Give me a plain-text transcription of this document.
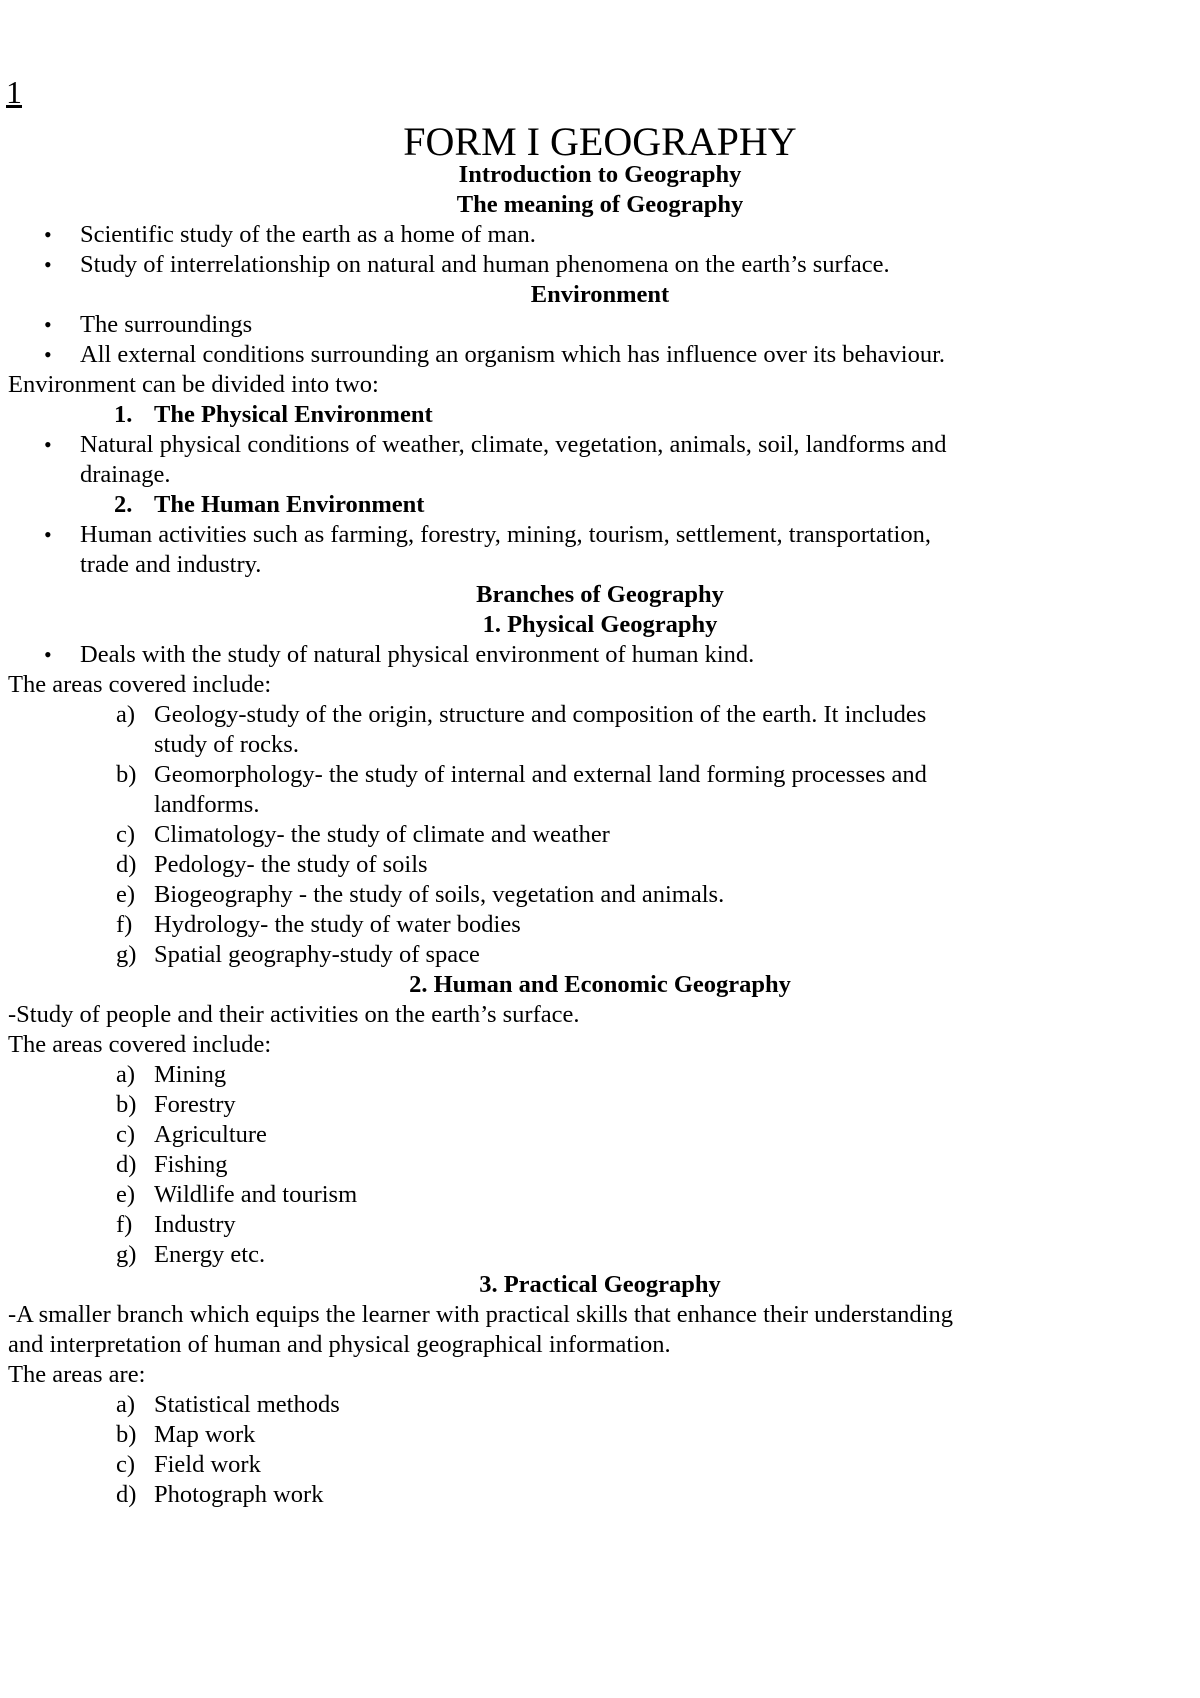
1
FORM I GEOGRAPHY
Introduction to Geography
The meaning of Geography
• Scientific study of the earth as a home of man.
• Study of interrelationship on natural and human phenomena on the earth’s surface.
Environment
• The surroundings
• All external conditions surrounding an organism which has influence over its behaviour.
Environment can be divided into two:
1. The Physical Environment
• Natural physical conditions of weather, climate, vegetation, animals, soil, landforms and
drainage.
2. The Human Environment
• Human activities such as farming, forestry, mining, tourism, settlement, transportation,
trade and industry.
Branches of Geography
1. Physical Geography
• Deals with the study of natural physical environment of human kind.
The areas covered include:
a) Geology-study of the origin, structure and composition of the earth. It includes
study of rocks.
b) Geomorphology- the study of internal and external land forming processes and
landforms.
c) Climatology- the study of climate and weather
d) Pedology- the study of soils
e) Biogeography - the study of soils, vegetation and animals.
f) Hydrology- the study of water bodies
g) Spatial geography-study of space
2. Human and Economic Geography
-Study of people and their activities on the earth’s surface.
The areas covered include:
a) Mining
b) Forestry
c) Agriculture
d) Fishing
e) Wildlife and tourism
f) Industry
g) Energy etc.
3. Practical Geography
-A smaller branch which equips the learner with practical skills that enhance their understanding
and interpretation of human and physical geographical information.
The areas are:
a) Statistical methods
b) Map work
c) Field work
d) Photograph work
